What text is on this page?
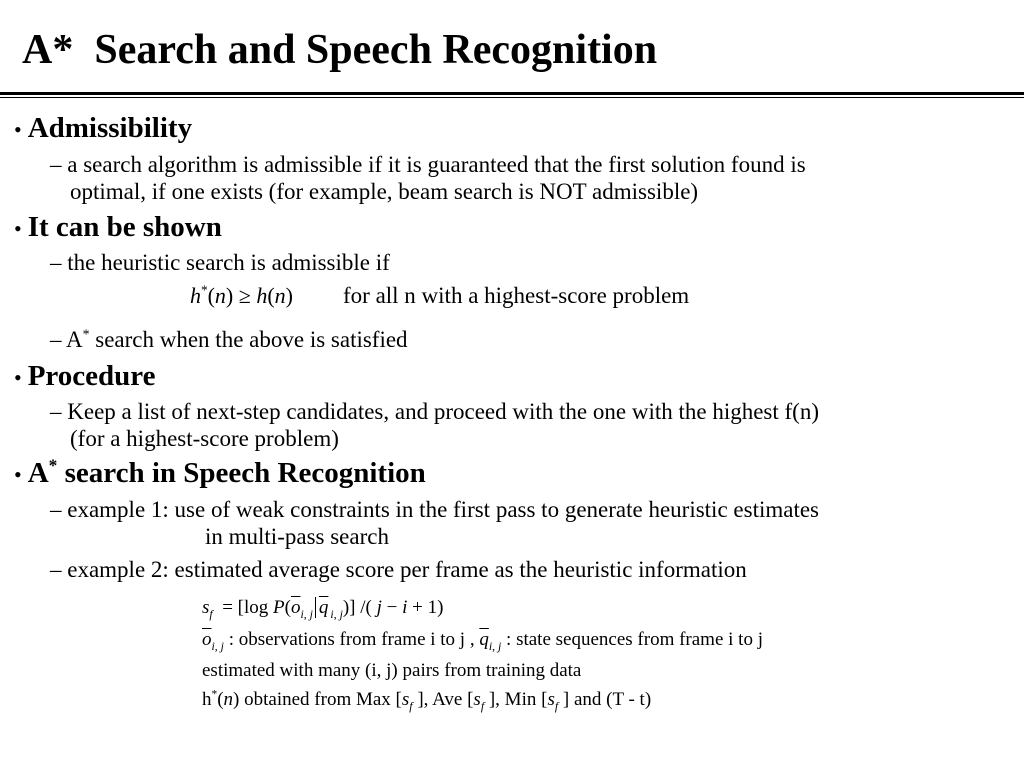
A*  Search and Speech Recognition
• Admissibility
– a search algorithm is admissible if it is guaranteed that the first solution found is
optimal, if one exists (for example, beam search is NOT admissible)
• It can be shown
– the heuristic search is admissible if
h*(n) ≥ h(n) for all n with a highest-score problem
– A* search when the above is satisfied
• Procedure
– Keep a list of next-step candidates, and proceed with the one with the highest f(n)
(for a highest-score problem)
• A* search in Speech Recognition
– example 1: use of weak constraints in the first pass to generate heuristic estimates
in multi-pass search
– example 2: estimated average score per frame as the heuristic information
$s_f = [\log$ $P(\overline{o}_{i, j}$ $\overline{q}$ $_{i, j}$)] /( j − i + 1)
$\overline{o}_{i, j}$ : observations from frame i to j , $\overline{q}_{i, j}$ : state sequences from frame i to j
estimated with many (i, j) pairs from training data
h*(n) obtained from Max [$s_f$ ], Ave [$s_f$ ], Min [$s_f$ ] and (T - t)
